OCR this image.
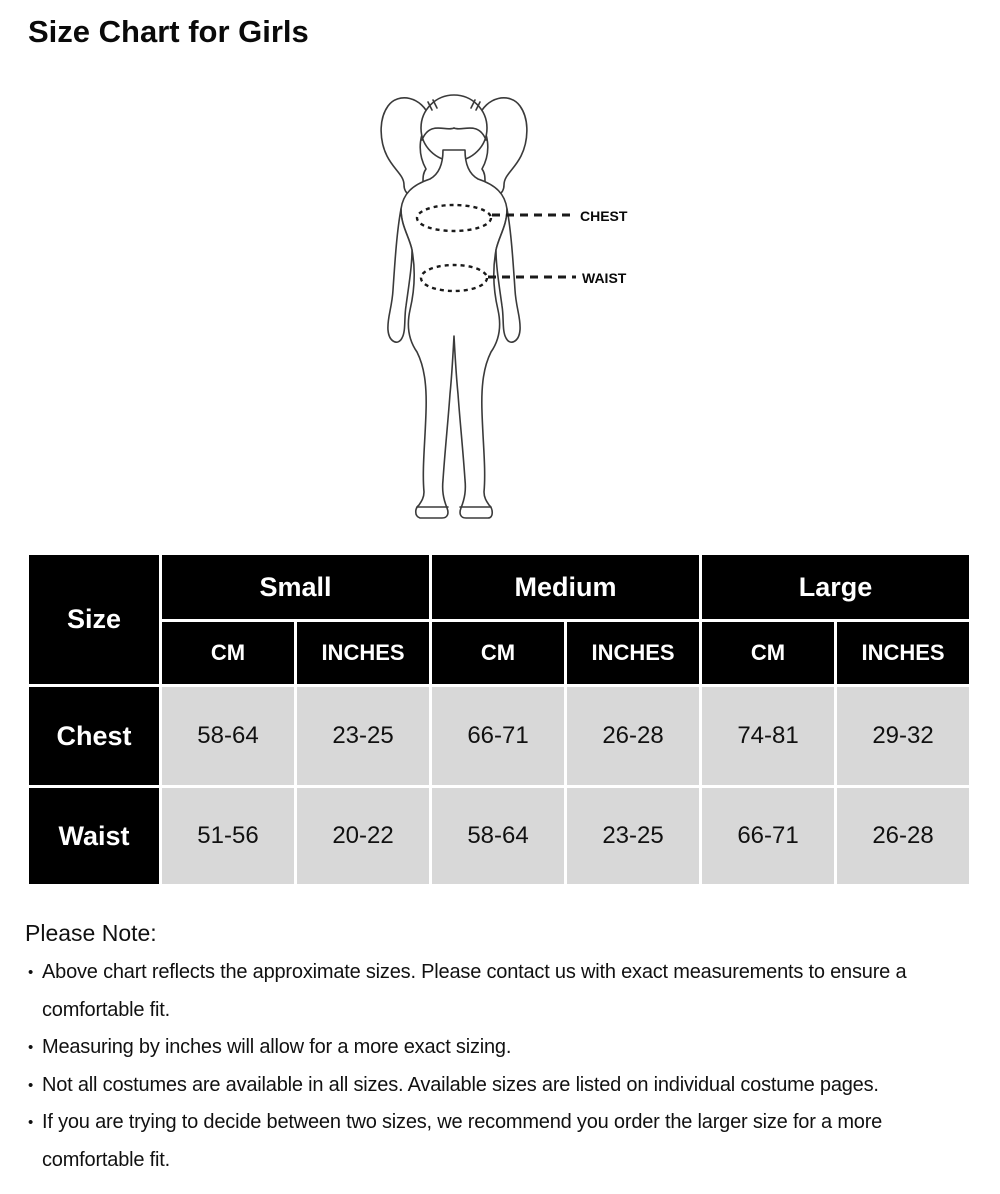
Size Chart for Girls
CHEST
WAIST
Size	Small		Medium		Large	
	CM	INCHES	CM	INCHES	CM	INCHES
Chest	58-64	23-25	66-71	26-28	74-81	29-32
Waist	51-56	20-22	58-64	23-25	66-71	26-28

Please Note:

• Above chart reflects the approximate sizes. Please contact us with exact measurements to ensure a comfortable fit.
• Measuring by inches will allow for a more exact sizing.
• Not all costumes are available in all sizes. Available sizes are listed on individual costume pages.
• If you are trying to decide between two sizes, we recommend you order the larger size for a more comfortable fit.
